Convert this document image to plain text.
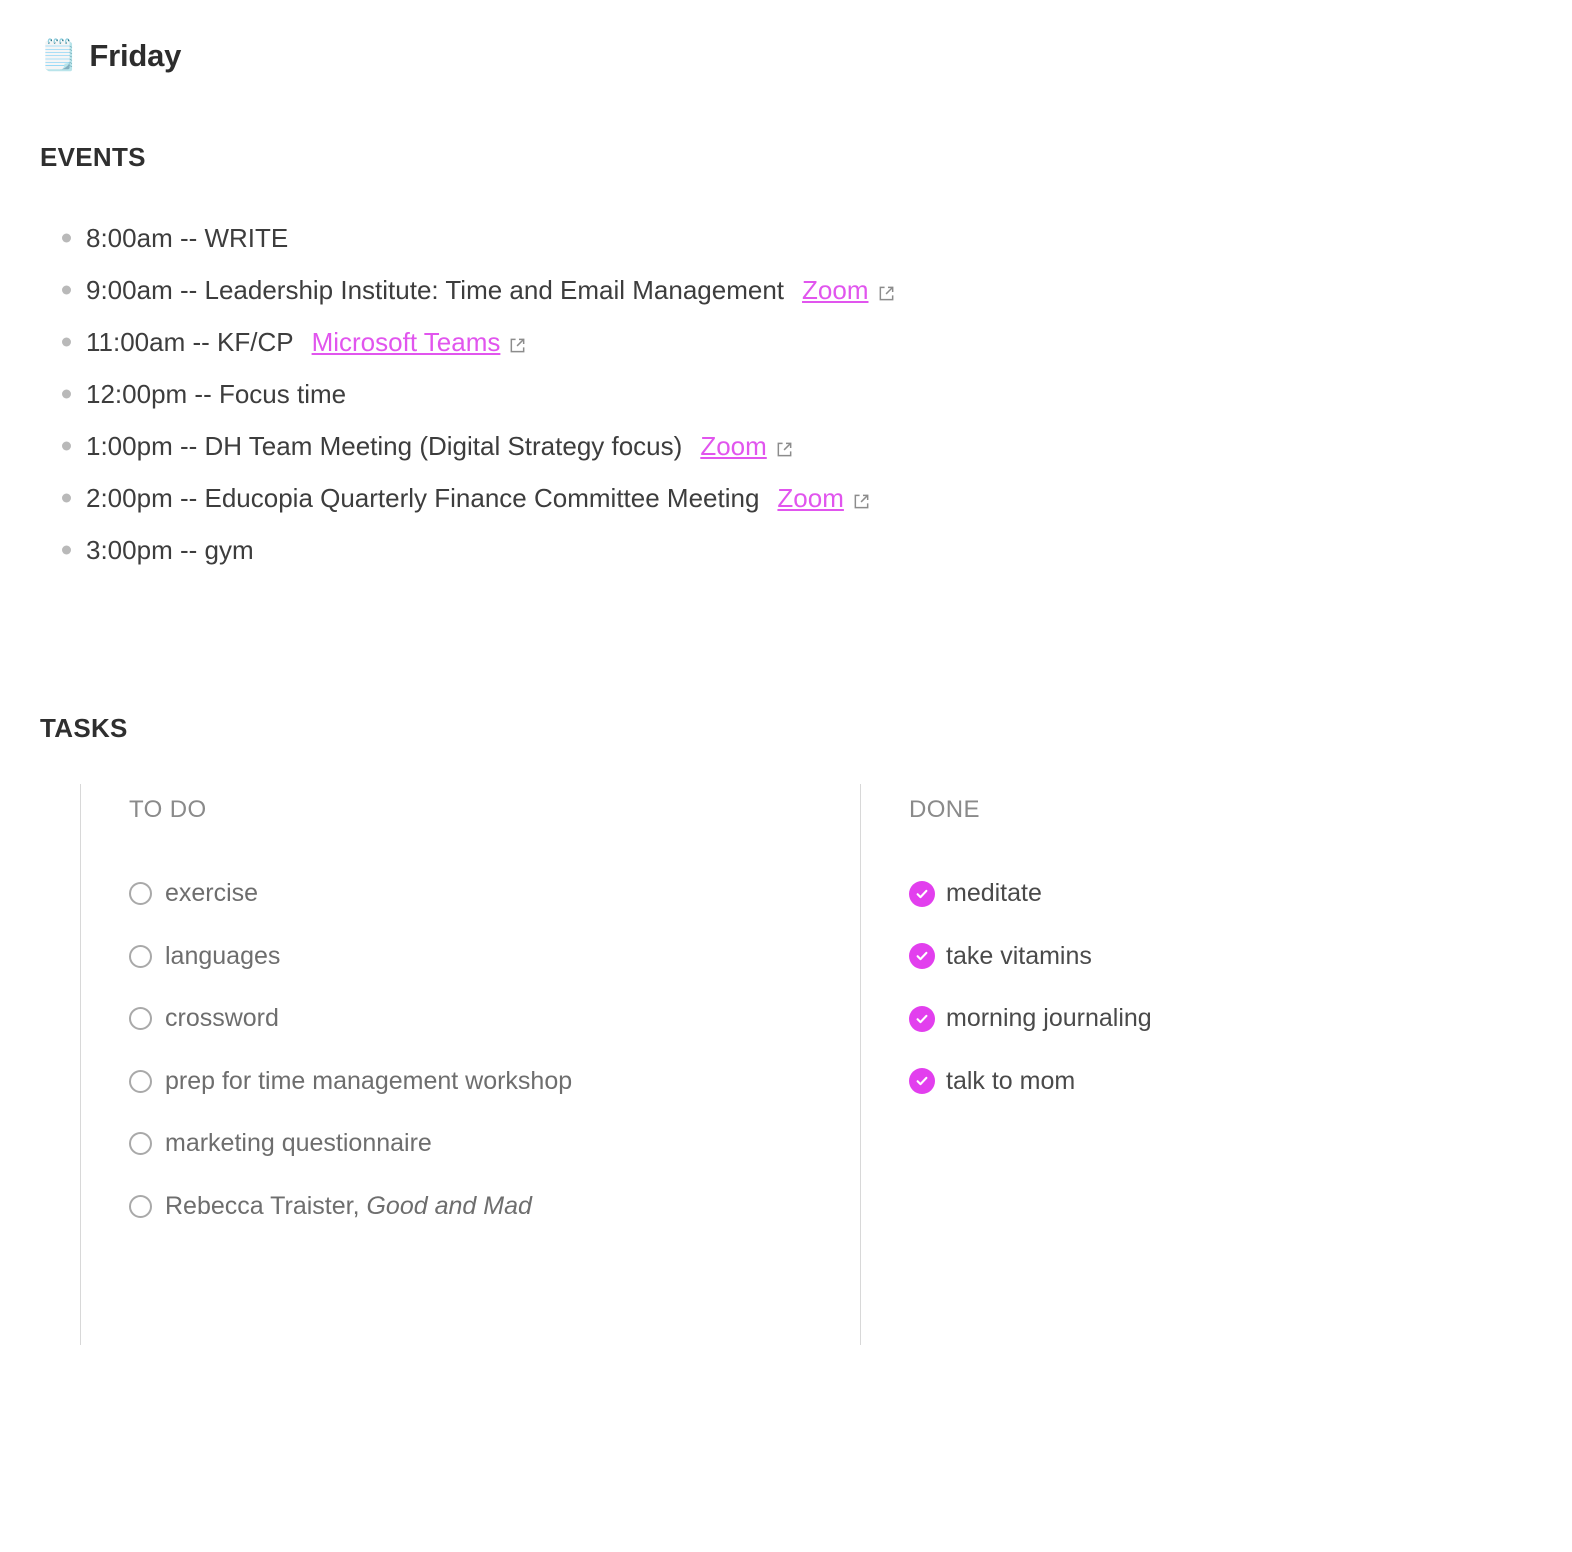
🗒️ Friday
EVENTS
8:00am -- WRITE
9:00am -- Leadership Institute: Time and Email Management Zoom
11:00am -- KF/CP Microsoft Teams
12:00pm -- Focus time
1:00pm -- DH Team Meeting (Digital Strategy focus) Zoom
2:00pm -- Educopia Quarterly Finance Committee Meeting Zoom
3:00pm -- gym
TASKS
TO DO
exercise
languages
crossword
prep for time management workshop
marketing questionnaire
Rebecca Traister, Good and Mad
DONE
meditate
take vitamins
morning journaling
talk to mom
